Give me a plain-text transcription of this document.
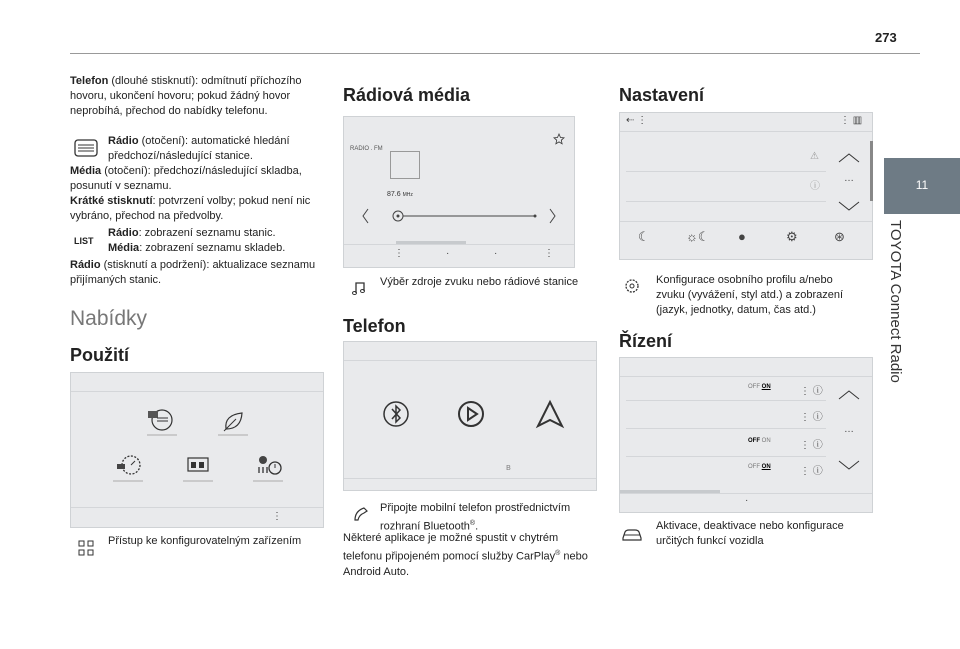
273
11
TOYOTA Connect Radio
Telefon (dlouhé stisknutí): odmítnutí příchozího hovoru, ukončení hovoru; pokud žádný hovor neprobíhá, přechod do nabídky telefonu.
Rádio (otočení): automatické hledání předchozí/následující stanice.
Média (otočení): předchozí/následující skladba, posunutí v seznamu.
Krátké stisknutí: potvrzení volby; pokud není nic vybráno, přechod na předvolby.
LIST
Rádio: zobrazení seznamu stanic.
Média: zobrazení seznamu skladeb.
Rádio (stisknutí a podržení): aktualizace seznamu přijímaných stanic.
Nabídky
Použití
⋮
Přístup ke konfigurovatelným zařízením
Rádiová média
RADIO . FM
87.6 MHz
⋮	·	·	⋮
Výběr zdroje zvuku nebo rádiové stanice
Telefon
ʙ
Připojte mobilní telefon prostřednictvím rozhraní Bluetooth®.
Některé aplikace je možné spustit v chytrém telefonu připojeném pomocí služby CarPlay® nebo Android Auto.
Nastavení
⇠ ⋮	⋮ ▥
⚠
ⓘ
…
☾	☼☾ ●	⚙	⊛
Konfigurace osobního profilu a/nebo zvuku (vyvážení, styl atd.) a zobrazení (jazyk, jednotky, datum, čas atd.)
Řízení
OFF ON	⋮ ⓘ
⋮ ⓘ
OFF ON	⋮ ⓘ
OFF ON	⋮ ⓘ
…
·
Aktivace, deaktivace nebo konfigurace určitých funkcí vozidla
